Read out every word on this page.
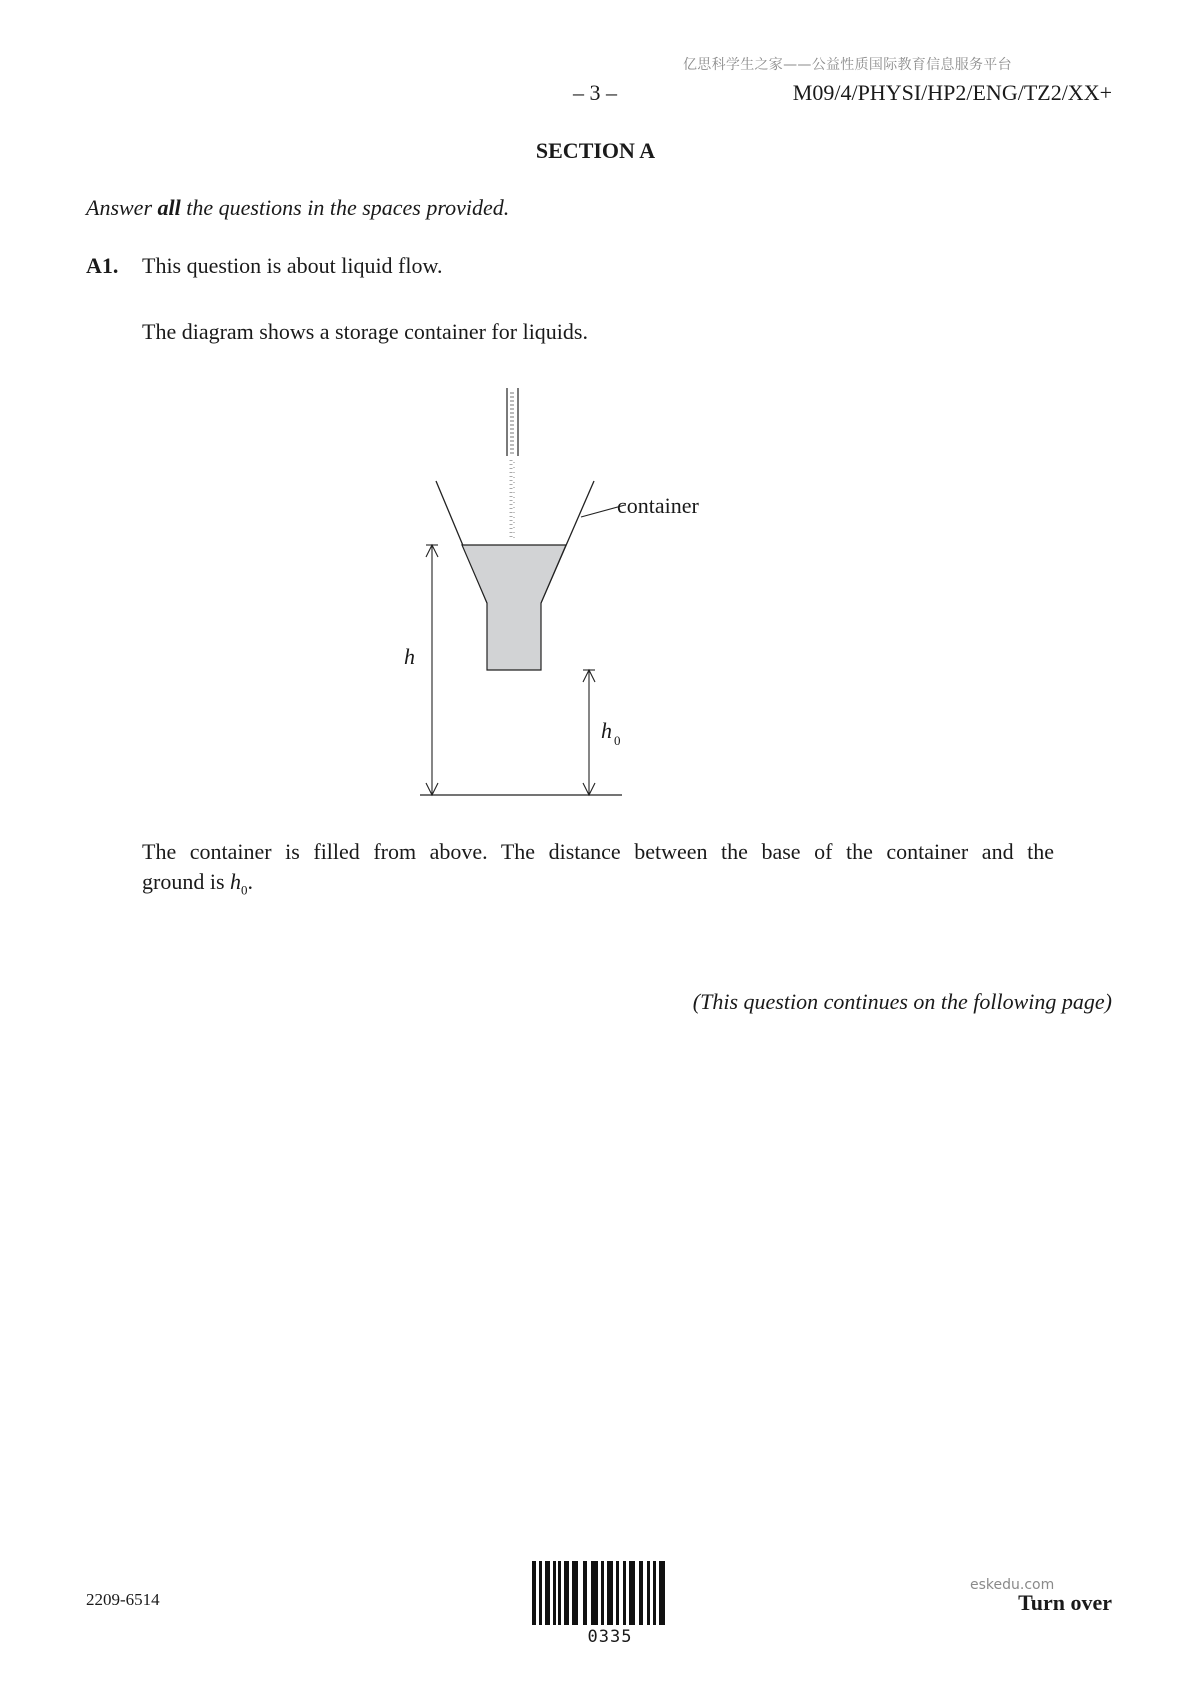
亿思科学生之家——公益性质国际教育信息服务平台
– 3 –	M09/4/PHYSI/HP2/ENG/TZ2/XX+
SECTION A
Answer all the questions in the spaces provided.
A1. This question is about liquid flow.
The diagram shows a storage container for liquids.
container
h
h 0
The container is filled from above. The distance between the base of the container and the
ground is $h_0$.
(This question continues on the following page)
2209-6514
0335
eskedu.com
Turn over
